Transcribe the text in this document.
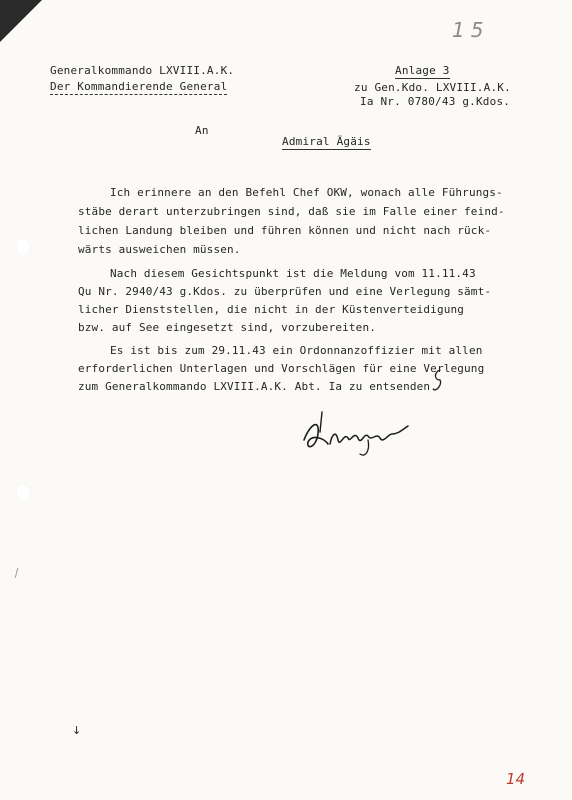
15
Generalkommando LXVIII.A.K.
Der Kommandierende General
Anlage 3
zu Gen.Kdo. LXVIII.A.K.
Ia Nr. 0780/43 g.Kdos.
An
Admiral Ägäis
Ich erinnere an den Befehl Chef OKW, wonach alle Führungs-
stäbe derart unterzubringen sind, daß sie im Falle einer feind-
lichen Landung bleiben und führen können und nicht nach rück-
wärts ausweichen müssen.
Nach diesem Gesichtspunkt ist die Meldung vom 11.11.43
Qu Nr. 2940/43 g.Kdos. zu überprüfen und eine Verlegung sämt-
licher Dienststellen, die nicht in der Küstenverteidigung
bzw. auf See eingesetzt sind, vorzubereiten.
Es ist bis zum 29.11.43 ein Ordonnanzoffizier mit allen
erforderlichen Unterlagen und Vorschlägen für eine Verlegung
zum Generalkommando LXVIII.A.K. Abt. Ia zu entsenden.
↓
14
